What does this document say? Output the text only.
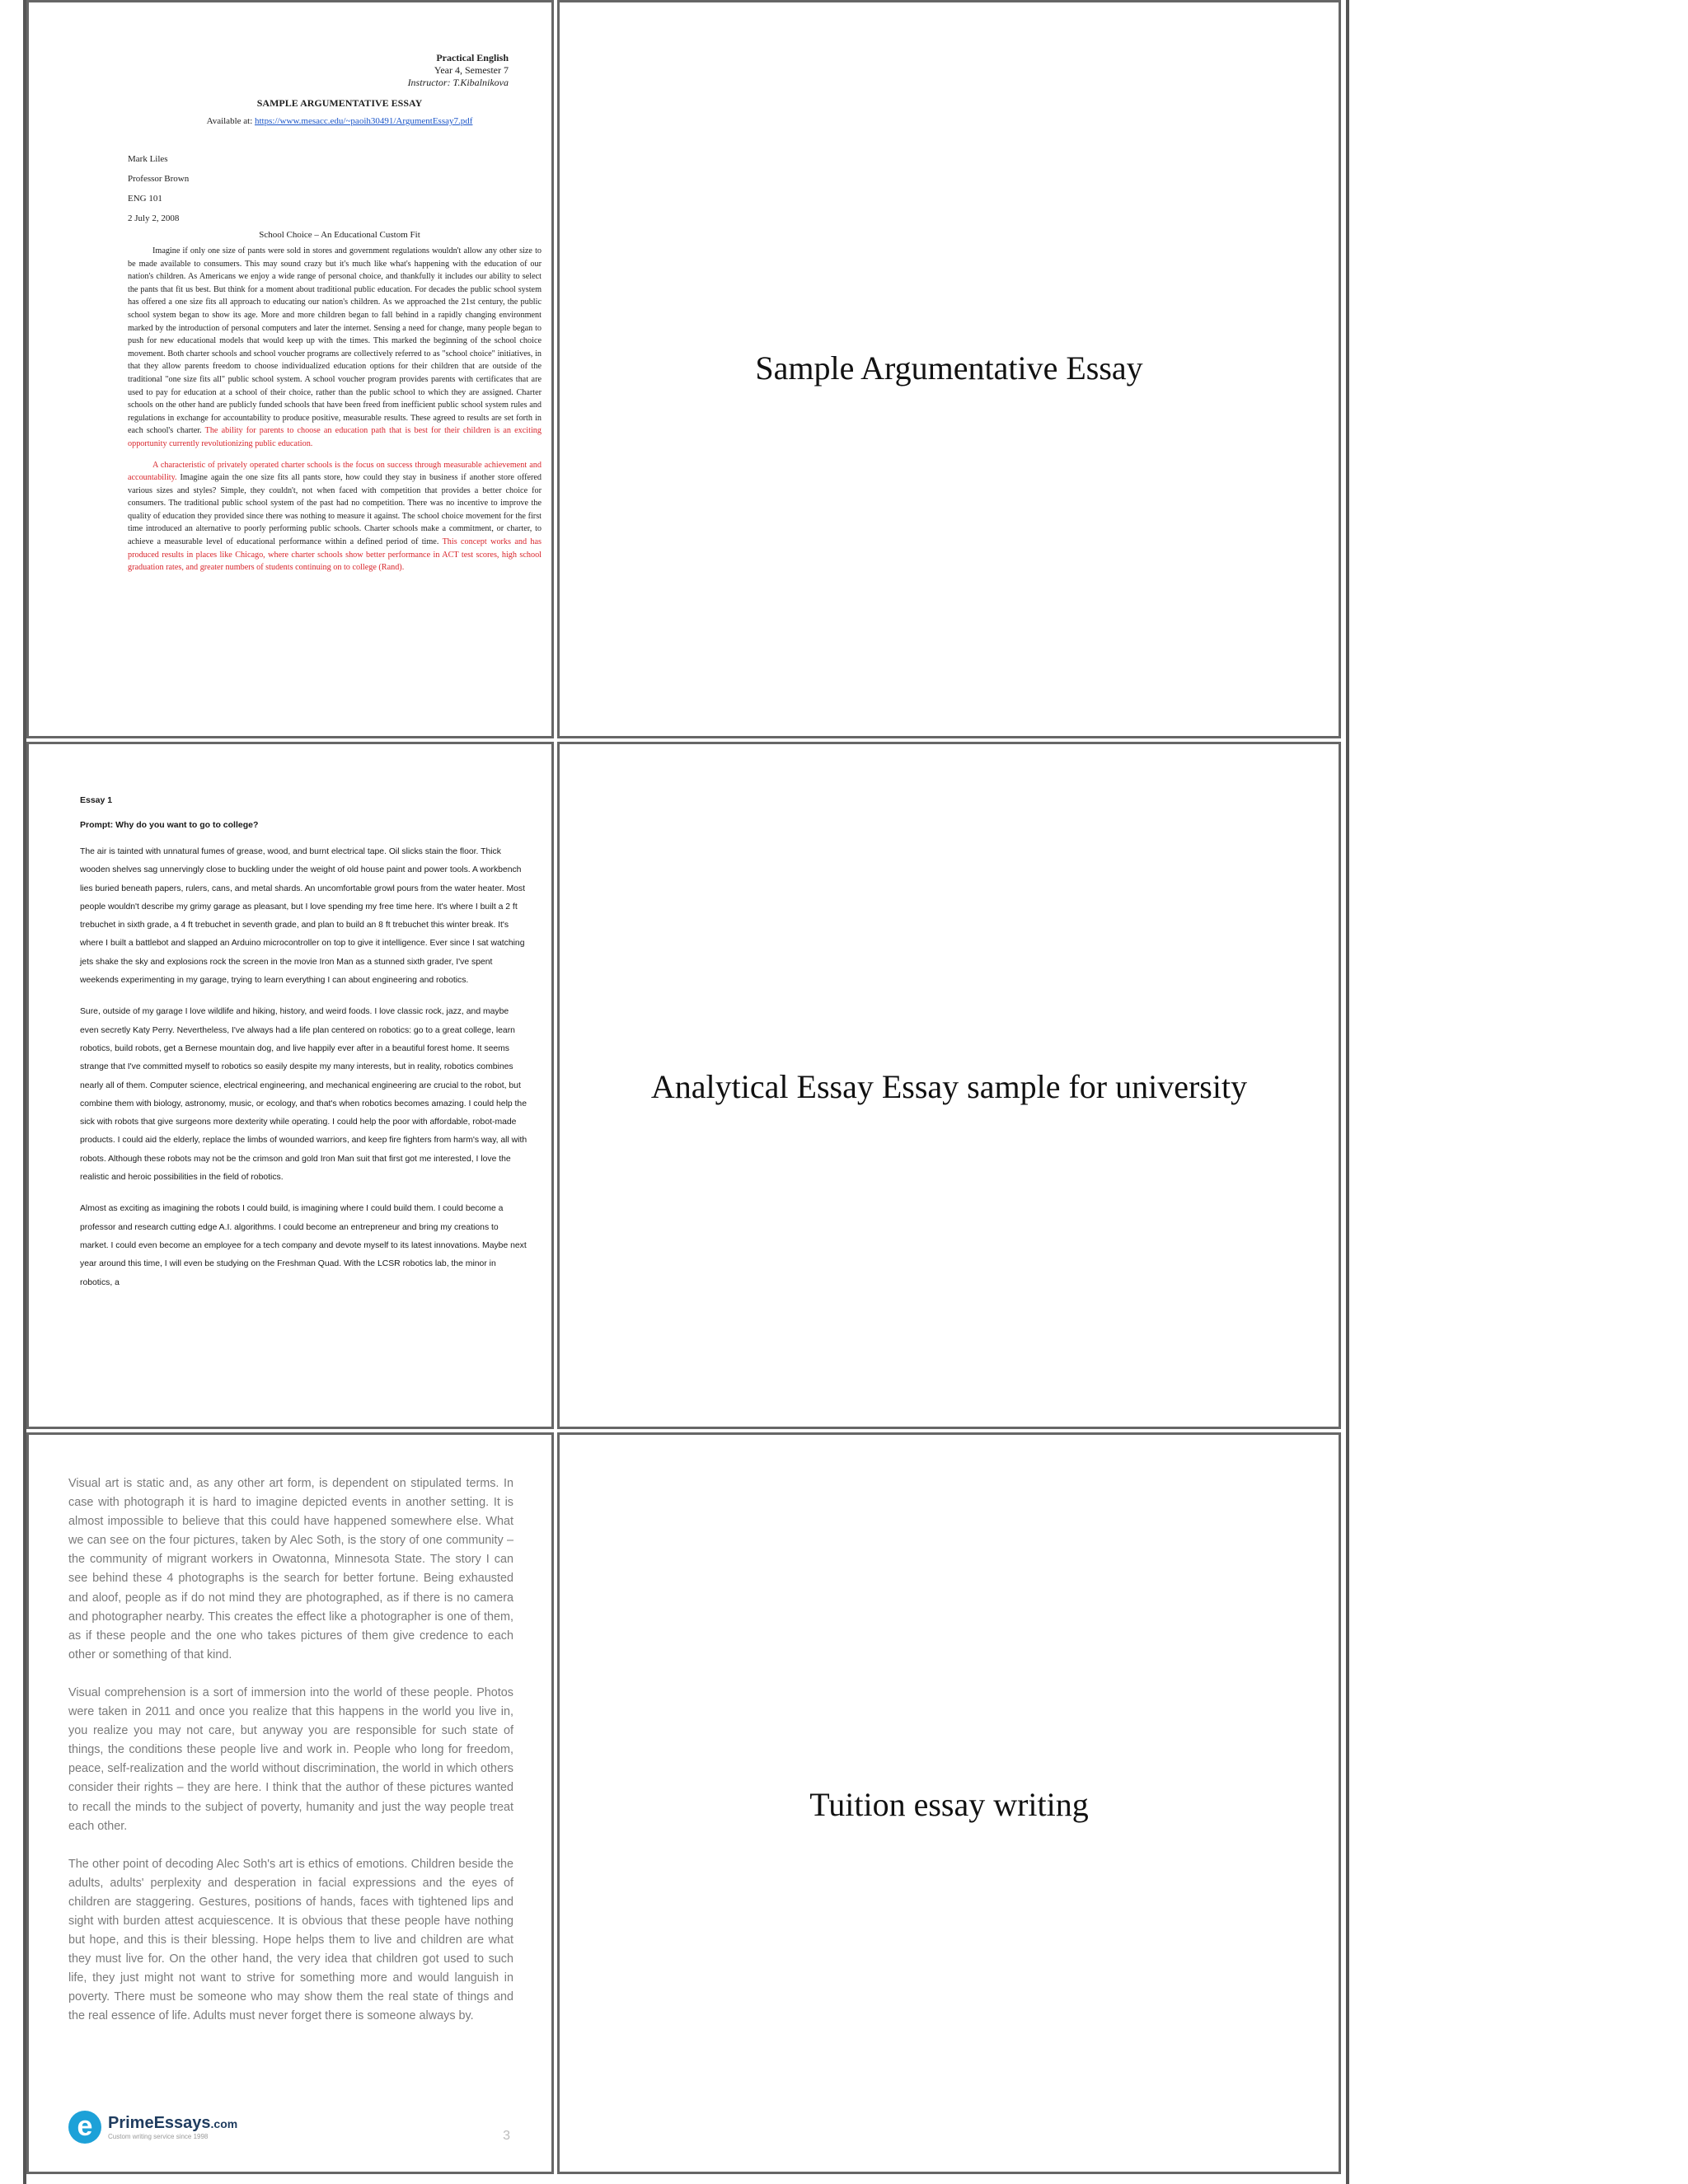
Practical English
Year 4, Semester 7
Instructor: T.Kibalnikova
SAMPLE ARGUMENTATIVE ESSAY
Available at: https://www.mesacc.edu/~paoih30491/ArgumentEssay7.pdf
Mark Liles
Professor Brown
ENG 101
2 July 2, 2008
School Choice – An Educational Custom Fit
Imagine if only one size of pants were sold in stores and government regulations wouldn't allow any other size to be made available to consumers. This may sound crazy but it's much like what's happening with the education of our nation's children. As Americans we enjoy a wide range of personal choice, and thankfully it includes our ability to select the pants that fit us best. But think for a moment about traditional public education. For decades the public school system has offered a one size fits all approach to educating our nation's children. As we approached the 21st century, the public school system began to show its age. More and more children began to fall behind in a rapidly changing environment marked by the introduction of personal computers and later the internet. Sensing a need for change, many people began to push for new educational models that would keep up with the times. This marked the beginning of the school choice movement. Both charter schools and school voucher programs are collectively referred to as "school choice" initiatives, in that they allow parents freedom to choose individualized education options for their children that are outside of the traditional "one size fits all" public school system. A school voucher program provides parents with certificates that are used to pay for education at a school of their choice, rather than the public school to which they are assigned. Charter schools on the other hand are publicly funded schools that have been freed from inefficient public school system rules and regulations in exchange for accountability to produce positive, measurable results. These agreed to results are set forth in each school's charter. The ability for parents to choose an education path that is best for their children is an exciting opportunity currently revolutionizing public education.
A characteristic of privately operated charter schools is the focus on success through measurable achievement and accountability. Imagine again the one size fits all pants store, how could they stay in business if another store offered various sizes and styles? Simple, they couldn't, not when faced with competition that provides a better choice for consumers. The traditional public school system of the past had no competition. There was no incentive to improve the quality of education they provided since there was nothing to measure it against. The school choice movement for the first time introduced an alternative to poorly performing public schools. Charter schools make a commitment, or charter, to achieve a measurable level of educational performance within a defined period of time. This concept works and has produced results in places like Chicago, where charter schools show better performance in ACT test scores, high school graduation rates, and greater numbers of students continuing on to college (Rand).
Sample Argumentative Essay
Essay 1
Prompt: Why do you want to go to college?

The air is tainted with unnatural fumes of grease, wood, and burnt electrical tape. Oil slicks stain the floor. Thick wooden shelves sag unnervingly close to buckling under the weight of old house paint and power tools. A workbench lies buried beneath papers, rulers, cans, and metal shards. An uncomfortable growl pours from the water heater. Most people wouldn't describe my grimy garage as pleasant, but I love spending my free time here. It's where I built a 2 ft trebuchet in sixth grade, a 4 ft trebuchet in seventh grade, and plan to build an 8 ft trebuchet this winter break. It's where I built a battlebot and slapped an Arduino microcontroller on top to give it intelligence. Ever since I sat watching jets shake the sky and explosions rock the screen in the movie Iron Man as a stunned sixth grader, I've spent weekends experimenting in my garage, trying to learn everything I can about engineering and robotics.

Sure, outside of my garage I love wildlife and hiking, history, and weird foods. I love classic rock, jazz, and maybe even secretly Katy Perry. Nevertheless, I've always had a life plan centered on robotics: go to a great college, learn robotics, build robots, get a Bernese mountain dog, and live happily ever after in a beautiful forest home. It seems strange that I've committed myself to robotics so easily despite my many interests, but in reality, robotics combines nearly all of them. Computer science, electrical engineering, and mechanical engineering are crucial to the robot, but combine them with biology, astronomy, music, or ecology, and that's when robotics becomes amazing. I could help the sick with robots that give surgeons more dexterity while operating. I could help the poor with affordable, robot-made products. I could aid the elderly, replace the limbs of wounded warriors, and keep fire fighters from harm's way, all with robots. Although these robots may not be the crimson and gold Iron Man suit that first got me interested, I love the realistic and heroic possibilities in the field of robotics.

Almost as exciting as imagining the robots I could build, is imagining where I could build them. I could become a professor and research cutting edge A.I. algorithms. I could become an entrepreneur and bring my creations to market. I could even become an employee for a tech company and devote myself to its latest innovations. Maybe next year around this time, I will even be studying on the Freshman Quad. With the LCSR robotics lab, the minor in robotics, a

Analytical Essay Essay sample for university

Visual art is static and, as any other art form, is dependent on stipulated terms. In case with photograph it is hard to imagine depicted events in another setting. It is almost impossible to believe that this could have happened somewhere else. What we can see on the four pictures, taken by Alec Soth, is the story of one community – the community of migrant workers in Owatonna, Minnesota State. The story I can see behind these 4 photographs is the search for better fortune. Being exhausted and aloof, people as if do not mind they are photographed, as if there is no camera and photographer nearby. This creates the effect like a photographer is one of them, as if these people and the one who takes pictures of them give credence to each other or something of that kind.

Visual comprehension is a sort of immersion into the world of these people. Photos were taken in 2011 and once you realize that this happens in the world you live in, you realize you may not care, but anyway you are responsible for such state of things, the conditions these people live and work in. People who long for freedom, peace, self-realization and the world without discrimination, the world in which others consider their rights – they are here. I think that the author of these pictures wanted to recall the minds to the subject of poverty, humanity and just the way people treat each other.

The other point of decoding Alec Soth's art is ethics of emotions. Children beside the adults, adults' perplexity and desperation in facial expressions and the eyes of children are staggering. Gestures, positions of hands, faces with tightened lips and sight with burden attest acquiescence. It is obvious that these people have nothing but hope, and this is their blessing. Hope helps them to live and children are what they must live for. On the other hand, the very idea that children got used to such life, they just might not want to strive for something more and would languish in poverty. There must be someone who may show them the real state of things and the real essence of life. Adults must never forget there is someone always by.

e PrimeEssays.com
Custom writing service since 1998	3
Tuition essay writing
